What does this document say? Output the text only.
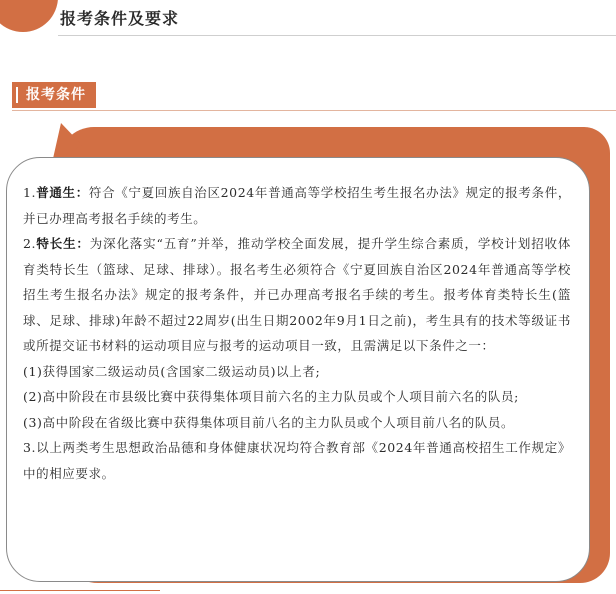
报考条件及要求
报考条件

1.普通生：符合《宁夏回族自治区2024年普通高等学校招生考生报名办法》规定的报考条件，并已办理高考报名手续的考生。

2.特长生：为深化落实“五育”并举，推动学校全面发展，提升学生综合素质，学校计划招收体育类特长生（篮球、足球、排球）。报名考生必须符合《宁夏回族自治区2024年普通高等学校招生考生报名办法》规定的报考条件，并已办理高考报名手续的考生。报考体育类特长生(篮球、足球、排球)年龄不超过22周岁(出生日期2002年9月1日之前)，考生具有的技术等级证书或所提交证书材料的运动项目应与报考的运动项目一致，且需满足以下条件之一：

(1)获得国家二级运动员(含国家二级运动员)以上者;

(2)高中阶段在市县级比赛中获得集体项目前六名的主力队员或个人项目前六名的队员;

(3)高中阶段在省级比赛中获得集体项目前八名的主力队员或个人项目前八名的队员。

3.以上两类考生思想政治品德和身体健康状况均符合教育部《2024年普通高校招生工作规定》中的相应要求。
